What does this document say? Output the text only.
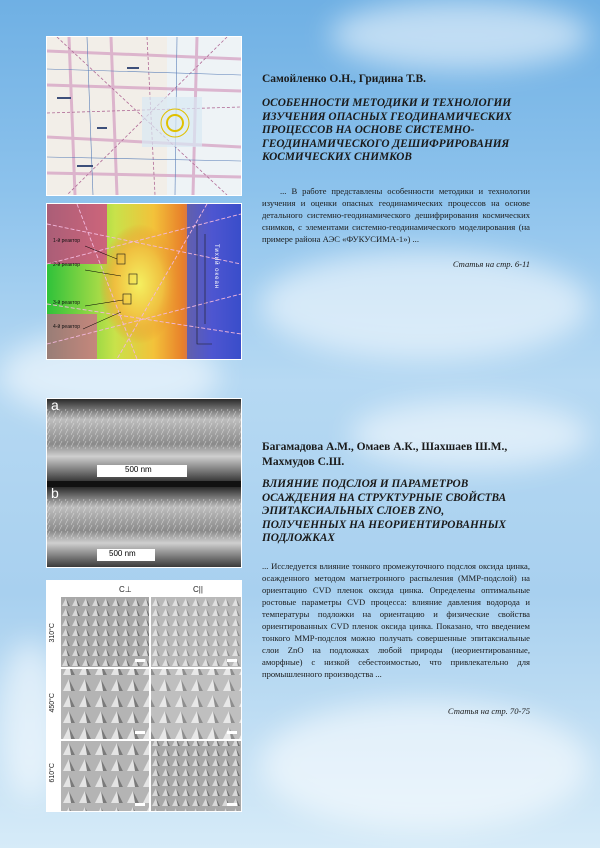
1-й реактор
2-й реактор
3-й реактор
4-й реактор
Тихий океан

Самойленко О.Н., Гридина Т.В.

ОСОБЕННОСТИ МЕТОДИКИ И ТЕХНОЛОГИИ ИЗУЧЕНИЯ ОПАСНЫХ ГЕОДИНАМИЧЕСКИХ ПРОЦЕССОВ НА ОСНОВЕ СИСТЕМНО-ГЕОДИНАМИЧЕСКОГО ДЕШИФРИРОВАНИЯ КОСМИЧЕСКИХ СНИМКОВ

... В работе представлены особенности методики и технологии изучения и оценки опасных геодинамических процессов на основе детального системно-геодинамического дешифрирования космических снимков, с элементами системно-геодинамического моделирования (на примере района АЭС «ФУКУСИМА-1») ...

Статья на стр. 6-11

a
b
500 nm
500 nm
C⊥	C||
310°C
450°C
610°C

Багамадова А.М., Омаев А.К., Шахшаев Ш.М., Махмудов С.Ш.

ВЛИЯНИЕ ПОДСЛОЯ И ПАРАМЕТРОВ ОСАЖДЕНИЯ НА СТРУКТУРНЫЕ СВОЙСТВА ЭПИТАКСИАЛЬНЫХ СЛОЕВ ZNO, ПОЛУЧЕННЫХ НА НЕОРИЕНТИРОВАННЫХ ПОДЛОЖКАХ

... Исследуется влияние тонкого промежуточного подслоя оксида цинка, осажденного методом магнетронного распыления (ММР-подслой) на ориентацию CVD пленок оксида цинка. Определены оптимальные ростовые параметры CVD процесса: влияние давления водорода и температуры подложки на ориентацию и физические свойства ориентированных CVD пленок оксида цинка. Показано, что введением тонкого ММР-подслоя можно получать совершенные эпитаксиальные слои ZnO на подложках любой природы (неориентированные, аморфные) с низкой себестоимостью, что привлекательно для промышленного производства ...

Статья на стр. 70-75
